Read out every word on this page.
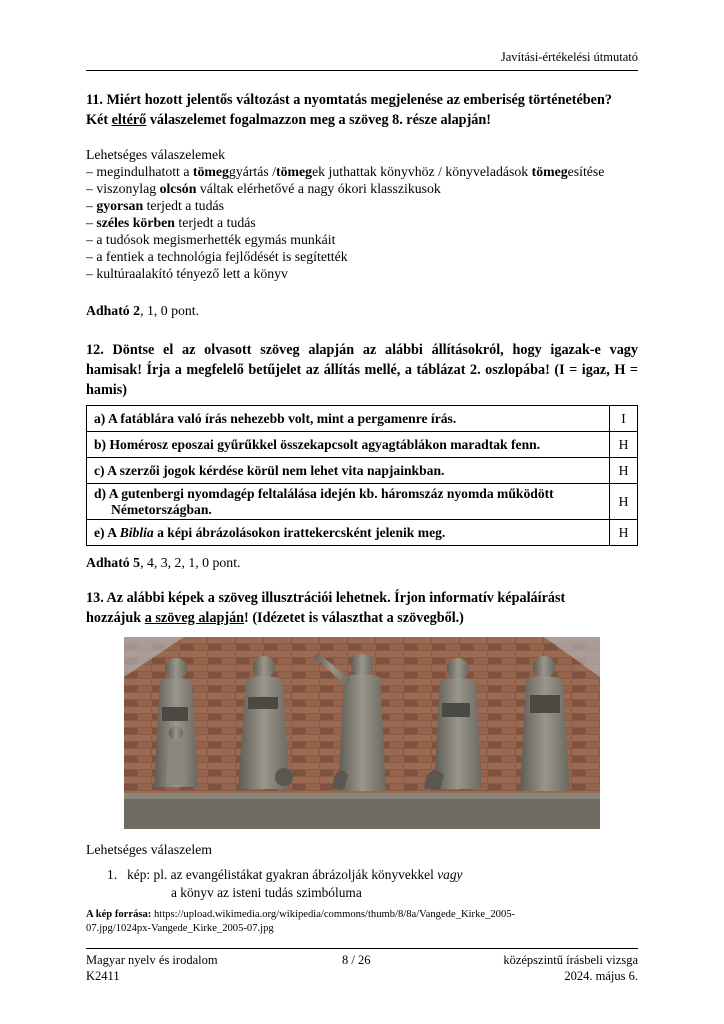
Javítási-értékelési útmutató
11. Miért hozott jelentős változást a nyomtatás megjelenése az emberiség történetében?
Két eltérő válaszelemet fogalmazzon meg a szöveg 8. része alapján!
Lehetséges válaszelemek
– megindulhatott a tömeggyártás /tömegek juthattak könyvhöz / könyveladások tömegesítése
– viszonylag olcsón váltak elérhetővé a nagy ókori klasszikusok
– gyorsan terjedt a tudás
– széles körben terjedt a tudás
– a tudósok megismerhették egymás munkáit
– a fentiek a technológia fejlődését is segítették
– kultúraalakító tényező lett a könyv
Adható 2, 1, 0 pont.
12. Döntse el az olvasott szöveg alapján az alábbi állításokról, hogy igazak-e vagy
hamisak! Írja a megfelelő betűjelet az állítás mellé, a táblázat 2. oszlopába! (I = igaz, H =
hamis)
a) A fatáblára való írás nehezebb volt, mint a pergamenre írás.	I
b) Homérosz eposzai gyűrűkkel összekapcsolt agyagtáblákon maradtak fenn.	H
c) A szerzői jogok kérdése körül nem lehet vita napjainkban.	H

d) A gutenbergi nyomdagép feltalálása idején kb. háromszáz nyomda működött
Németországban.	H
e) A Biblia a képi ábrázolásokon irattekercsként jelenik meg.	H
Adható 5, 4, 3, 2, 1, 0 pont.
13. Az alábbi képek a szöveg illusztrációi lehetnek. Írjon informatív képaláírást
hozzájuk a szöveg alapján! (Idézetet is választhat a szövegből.)
Lehetséges válaszelem
1. kép: pl. az evangélistákat gyakran ábrázolják könyvekkel vagy
a könyv az isteni tudás szimbóluma
A kép forrása: https://upload.wikimedia.org/wikipedia/commons/thumb/8/8a/Vangede_Kirke_2005-
07.jpg/1024px-Vangede_Kirke_2005-07.jpg
Magyar nyelv és irodalom
K2411
8 / 26	középszintű írásbeli vizsga
2024. május 6.
